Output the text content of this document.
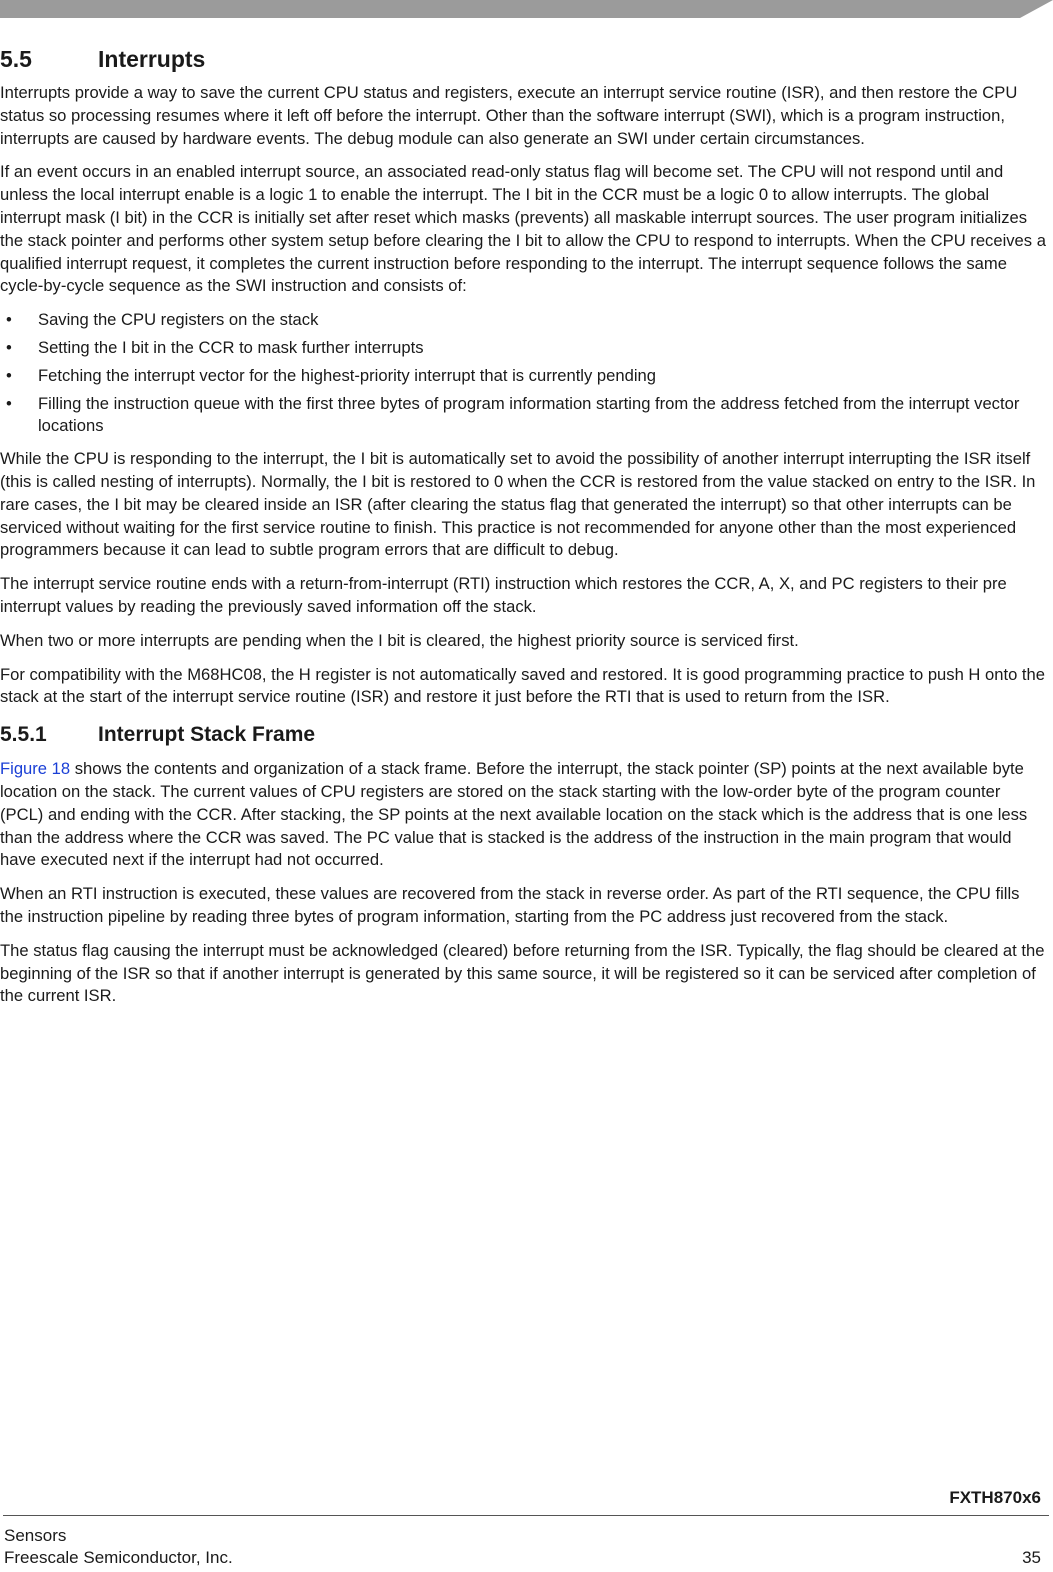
5.5	Interrupts

Interrupts provide a way to save the current CPU status and registers, execute an interrupt service routine (ISR), and then restore the CPU status so processing resumes where it left off before the interrupt. Other than the software interrupt (SWI), which is a program instruction, interrupts are caused by hardware events. The debug module can also generate an SWI under certain circumstances.

If an event occurs in an enabled interrupt source, an associated read-only status flag will become set. The CPU will not respond until and unless the local interrupt enable is a logic 1 to enable the interrupt. The I bit in the CCR must be a logic 0 to allow interrupts. The global interrupt mask (I bit) in the CCR is initially set after reset which masks (prevents) all maskable interrupt sources. The user program initializes the stack pointer and performs other system setup before clearing the I bit to allow the CPU to respond to interrupts. When the CPU receives a qualified interrupt request, it completes the current instruction before responding to the interrupt. The interrupt sequence follows the same cycle-by-cycle sequence as the SWI instruction and consists of:

• Saving the CPU registers on the stack
• Setting the I bit in the CCR to mask further interrupts
• Fetching the interrupt vector for the highest-priority interrupt that is currently pending
• Filling the instruction queue with the first three bytes of program information starting from the address fetched from the interrupt vector locations

While the CPU is responding to the interrupt, the I bit is automatically set to avoid the possibility of another interrupt interrupting the ISR itself (this is called nesting of interrupts). Normally, the I bit is restored to 0 when the CCR is restored from the value stacked on entry to the ISR. In rare cases, the I bit may be cleared inside an ISR (after clearing the status flag that generated the interrupt) so that other interrupts can be serviced without waiting for the first service routine to finish. This practice is not recommended for anyone other than the most experienced programmers because it can lead to subtle program errors that are difficult to debug.

The interrupt service routine ends with a return-from-interrupt (RTI) instruction which restores the CCR, A, X, and PC registers to their pre interrupt values by reading the previously saved information off the stack.

When two or more interrupts are pending when the I bit is cleared, the highest priority source is serviced first.

For compatibility with the M68HC08, the H register is not automatically saved and restored. It is good programming practice to push H onto the stack at the start of the interrupt service routine (ISR) and restore it just before the RTI that is used to return from the ISR.

5.5.1	Interrupt Stack Frame

Figure 18 shows the contents and organization of a stack frame. Before the interrupt, the stack pointer (SP) points at the next available byte location on the stack. The current values of CPU registers are stored on the stack starting with the low-order byte of the program counter (PCL) and ending with the CCR. After stacking, the SP points at the next available location on the stack which is the address that is one less than the address where the CCR was saved. The PC value that is stacked is the address of the instruction in the main program that would have executed next if the interrupt had not occurred.

When an RTI instruction is executed, these values are recovered from the stack in reverse order. As part of the RTI sequence, the CPU fills the instruction pipeline by reading three bytes of program information, starting from the PC address just recovered from the stack.

The status flag causing the interrupt must be acknowledged (cleared) before returning from the ISR. Typically, the flag should be cleared at the beginning of the ISR so that if another interrupt is generated by this same source, it will be registered so it can be serviced after completion of the current ISR.

FXTH870x6
Sensors
Freescale Semiconductor, Inc.	35
